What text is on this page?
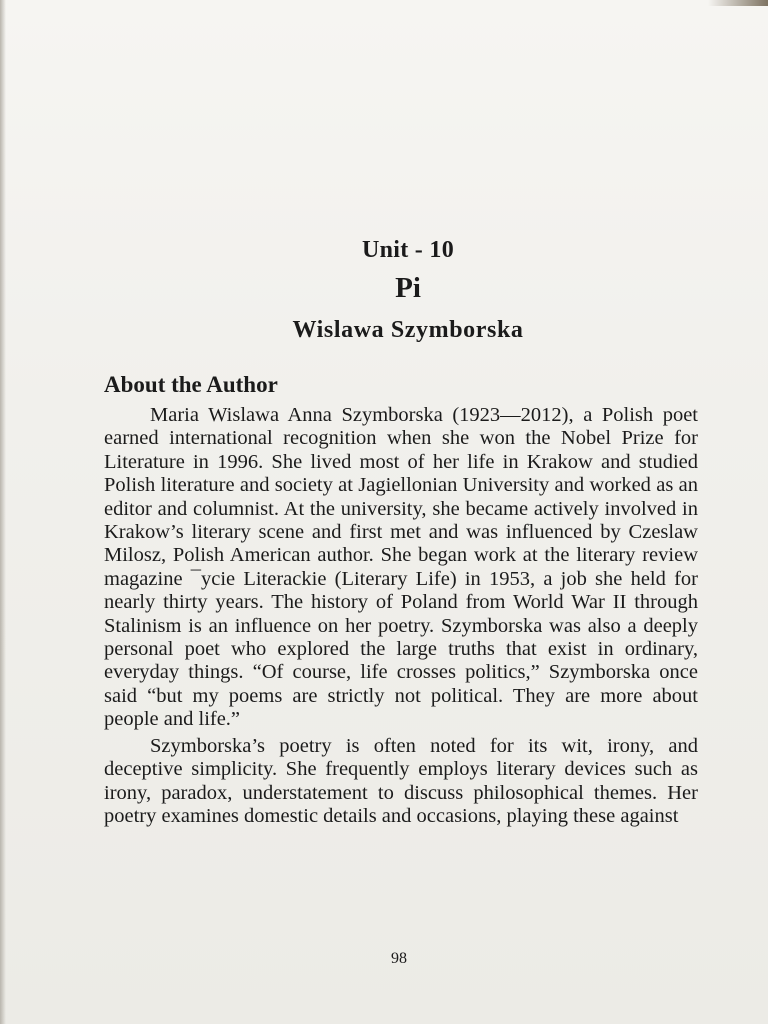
Unit - 10
Pi
Wislawa Szymborska
About the Author

Maria Wislawa Anna Szymborska (1923—2012), a Polish poet earned international recognition when she won the Nobel Prize for Literature in 1996. She lived most of her life in Krakow and studied Polish literature and society at Jagiellonian University and worked as an editor and columnist. At the university, she became actively involved in Krakow’s literary scene and first met and was influenced by Czeslaw Milosz, Polish American author. She began work at the literary review magazine ¯ycie Literackie (Literary Life) in 1953, a job she held for nearly thirty years. The history of Poland from World War II through Stalinism is an influence on her poetry. Szymborska was also a deeply personal poet who explored the large truths that exist in ordinary, everyday things. “Of course, life crosses politics,” Szymborska once said “but my poems are strictly not political. They are more about people and life.”

Szymborska’s poetry is often noted for its wit, irony, and deceptive simplicity. She frequently employs literary devices such as irony, paradox, understatement to discuss philosophical themes. Her poetry examines domestic details and occasions, playing these against

98
